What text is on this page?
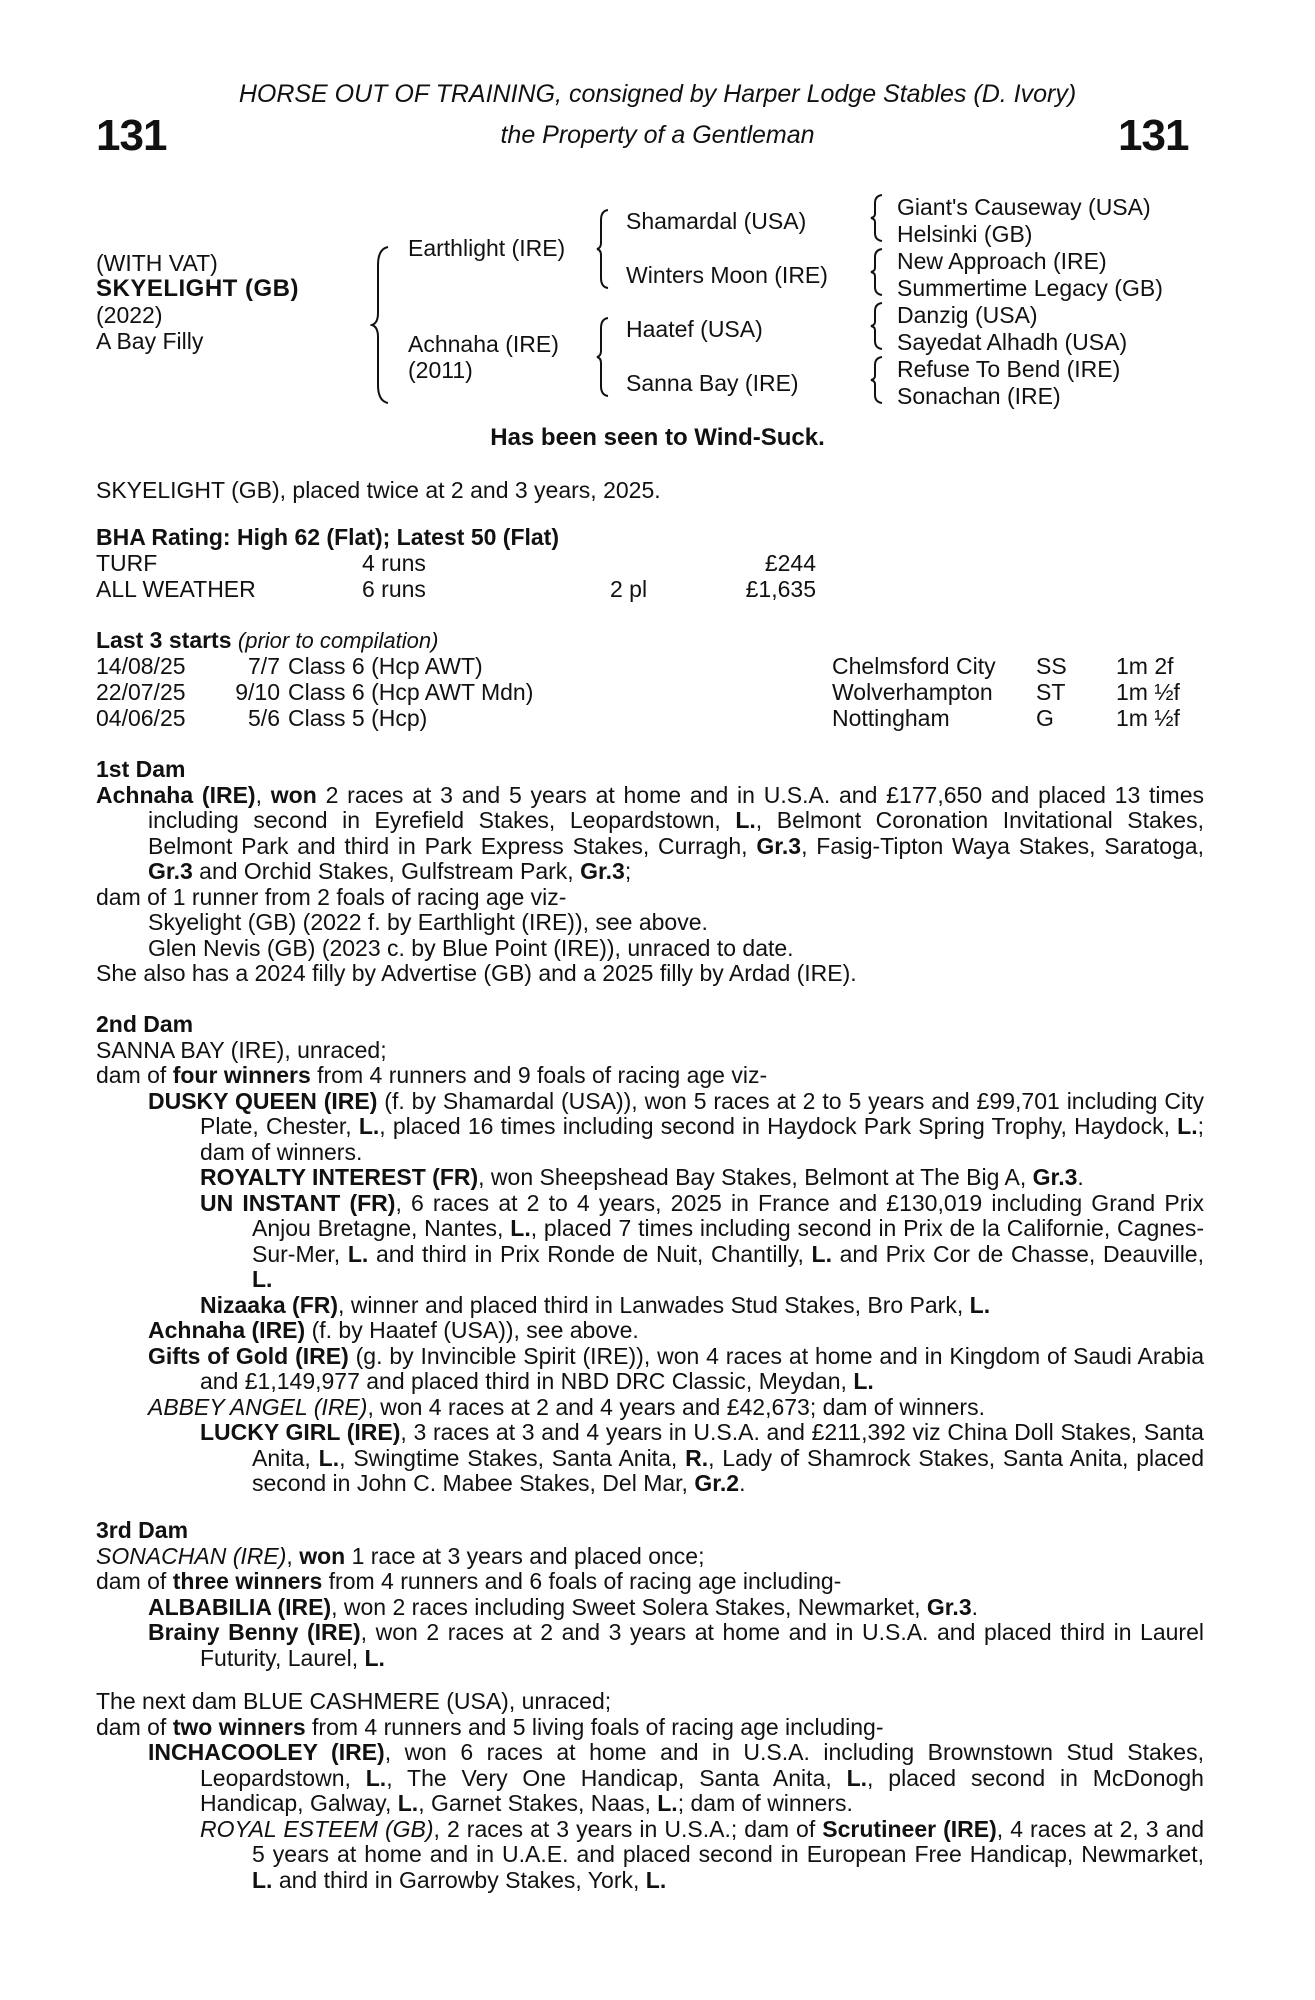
HORSE OUT OF TRAINING, consigned by Harper Lodge Stables (D. Ivory)
the Property of a Gentleman
131	131
(WITH VAT)
SKYELIGHT (GB)
(2022)
A Bay Filly
Earthlight (IRE)
Achnaha (IRE)
(2011)
Shamardal (USA)
Winters Moon (IRE)
Haatef (USA)
Sanna Bay (IRE)
Giant's Causeway (USA)
Helsinki (GB)
New Approach (IRE)
Summertime Legacy (GB)
Danzig (USA)
Sayedat Alhadh (USA)
Refuse To Bend (IRE)
Sonachan (IRE)
Has been seen to Wind-Suck.
SKYELIGHT (GB), placed twice at 2 and 3 years, 2025.
BHA Rating: High 62 (Flat); Latest 50 (Flat)
TURF	4 runs	£244
ALL WEATHER	6 runs	2 pl	£1,635
Last 3 starts (prior to compilation)
14/08/25	7/7 Class 6 (Hcp AWT)	Chelmsford City SS 1m 2f
22/07/25	9/10 Class 6 (Hcp AWT Mdn)	Wolverhampton ST 1m ½f
04/06/25	5/6 Class 5 (Hcp)	Nottingham	G	1m ½f
1st Dam
Achnaha (IRE), won 2 races at 3 and 5 years at home and in U.S.A. and £177,650 and placed 13 times including second in Eyrefield Stakes, Leopardstown, L., Belmont Coronation Invitational Stakes, Belmont Park and third in Park Express Stakes, Curragh, Gr.3, Fasig-Tipton Waya Stakes, Saratoga, Gr.3 and Orchid Stakes, Gulfstream Park, Gr.3;
dam of 1 runner from 2 foals of racing age viz-
Skyelight (GB) (2022 f. by Earthlight (IRE)), see above.
Glen Nevis (GB) (2023 c. by Blue Point (IRE)), unraced to date.
She also has a 2024 filly by Advertise (GB) and a 2025 filly by Ardad (IRE).
2nd Dam
SANNA BAY (IRE), unraced;
dam of four winners from 4 runners and 9 foals of racing age viz-
DUSKY QUEEN (IRE) (f. by Shamardal (USA)), won 5 races at 2 to 5 years and £99,701 including City Plate, Chester, L., placed 16 times including second in Haydock Park Spring Trophy, Haydock, L.; dam of winners.
ROYALTY INTEREST (FR), won Sheepshead Bay Stakes, Belmont at The Big A, Gr.3.
UN INSTANT (FR), 6 races at 2 to 4 years, 2025 in France and £130,019 including Grand Prix Anjou Bretagne, Nantes, L., placed 7 times including second in Prix de la Californie, Cagnes-Sur-Mer, L. and third in Prix Ronde de Nuit, Chantilly, L. and Prix Cor de Chasse, Deauville, L.
Nizaaka (FR), winner and placed third in Lanwades Stud Stakes, Bro Park, L.
Achnaha (IRE) (f. by Haatef (USA)), see above.
Gifts of Gold (IRE) (g. by Invincible Spirit (IRE)), won 4 races at home and in Kingdom of Saudi Arabia and £1,149,977 and placed third in NBD DRC Classic, Meydan, L.
ABBEY ANGEL (IRE), won 4 races at 2 and 4 years and £42,673; dam of winners.
LUCKY GIRL (IRE), 3 races at 3 and 4 years in U.S.A. and £211,392 viz China Doll Stakes, Santa Anita, L., Swingtime Stakes, Santa Anita, R., Lady of Shamrock Stakes, Santa Anita, placed second in John C. Mabee Stakes, Del Mar, Gr.2.
3rd Dam
SONACHAN (IRE), won 1 race at 3 years and placed once;
dam of three winners from 4 runners and 6 foals of racing age including-
ALBABILIA (IRE), won 2 races including Sweet Solera Stakes, Newmarket, Gr.3.
Brainy Benny (IRE), won 2 races at 2 and 3 years at home and in U.S.A. and placed third in Laurel Futurity, Laurel, L.
The next dam BLUE CASHMERE (USA), unraced;
dam of two winners from 4 runners and 5 living foals of racing age including-
INCHACOOLEY (IRE), won 6 races at home and in U.S.A. including Brownstown Stud Stakes, Leopardstown, L., The Very One Handicap, Santa Anita, L., placed second in McDonogh Handicap, Galway, L., Garnet Stakes, Naas, L.; dam of winners.
ROYAL ESTEEM (GB), 2 races at 3 years in U.S.A.; dam of Scrutineer (IRE), 4 races at 2, 3 and 5 years at home and in U.A.E. and placed second in European Free Handicap, Newmarket, L. and third in Garrowby Stakes, York, L.
